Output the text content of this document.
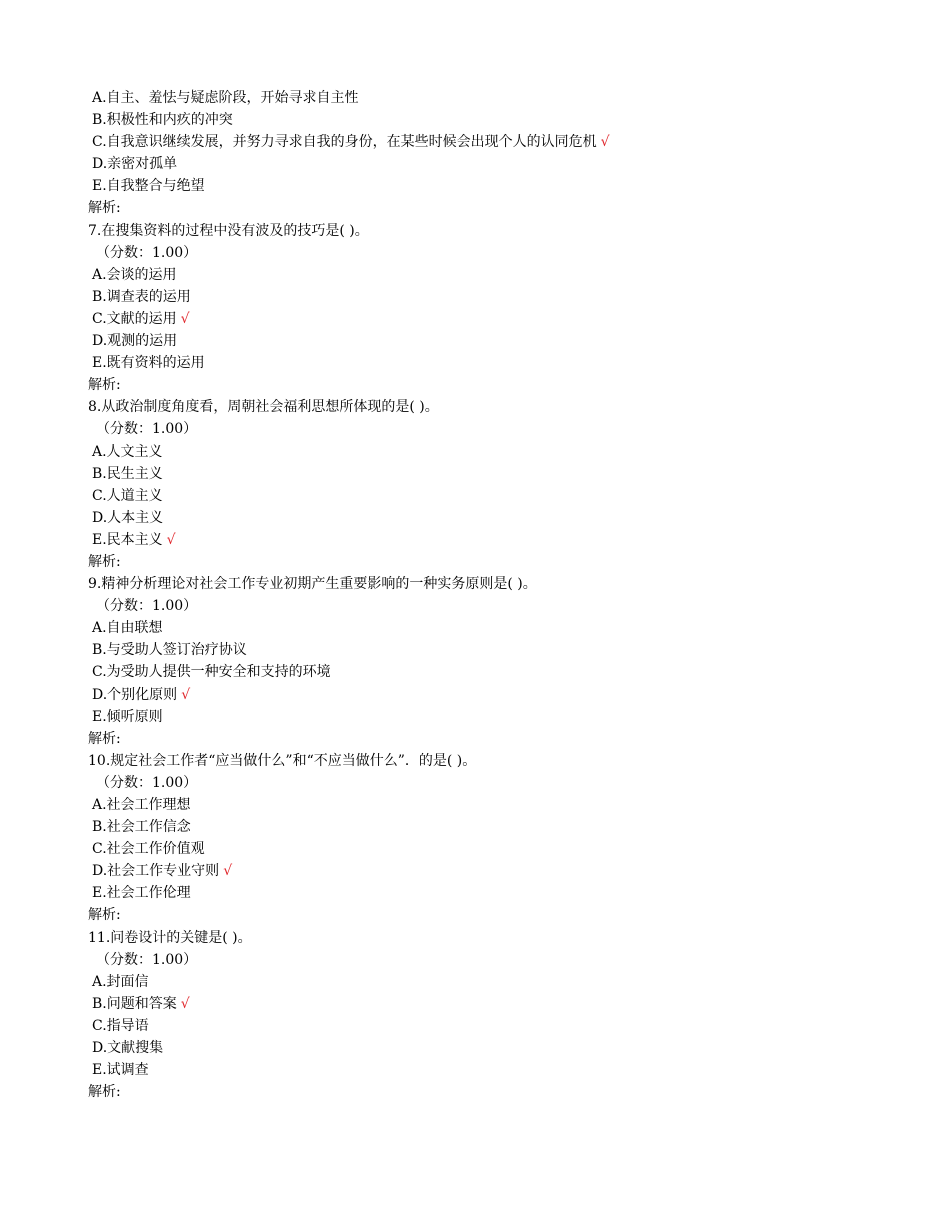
A.自主、羞怯与疑虑阶段，开始寻求自主性
B.积极性和内疚的冲突
C.自我意识继续发展，并努力寻求自我的身份，在某些时候会出现个人的认同危机 √
D.亲密对孤单
E.自我整合与绝望
解析:
7.在搜集资料的过程中没有波及的技巧是( )。
（分数：1.00）
A.会谈的运用
B.调查表的运用
C.文献的运用 √
D.观测的运用
E.既有资料的运用
解析:
8.从政治制度角度看，周朝社会福利思想所体现的是( )。
（分数：1.00）
A.人文主义
B.民生主义
C.人道主义
D.人本主义
E.民本主义 √
解析:
9.精神分析理论对社会工作专业初期产生重要影响的一种实务原则是( )。
（分数：1.00）
A.自由联想
B.与受助人签订治疗协议
C.为受助人提供一种安全和支持的环境
D.个别化原则 √
E.倾听原则
解析:
10.规定社会工作者“应当做什么”和“不应当做什么”．的是( )。
（分数：1.00）
A.社会工作理想
B.社会工作信念
C.社会工作价值观
D.社会工作专业守则 √
E.社会工作伦理
解析:
11.问卷设计的关键是( )。
（分数：1.00）
A.封面信
B.问题和答案 √
C.指导语
D.文献搜集
E.试调查
解析:
